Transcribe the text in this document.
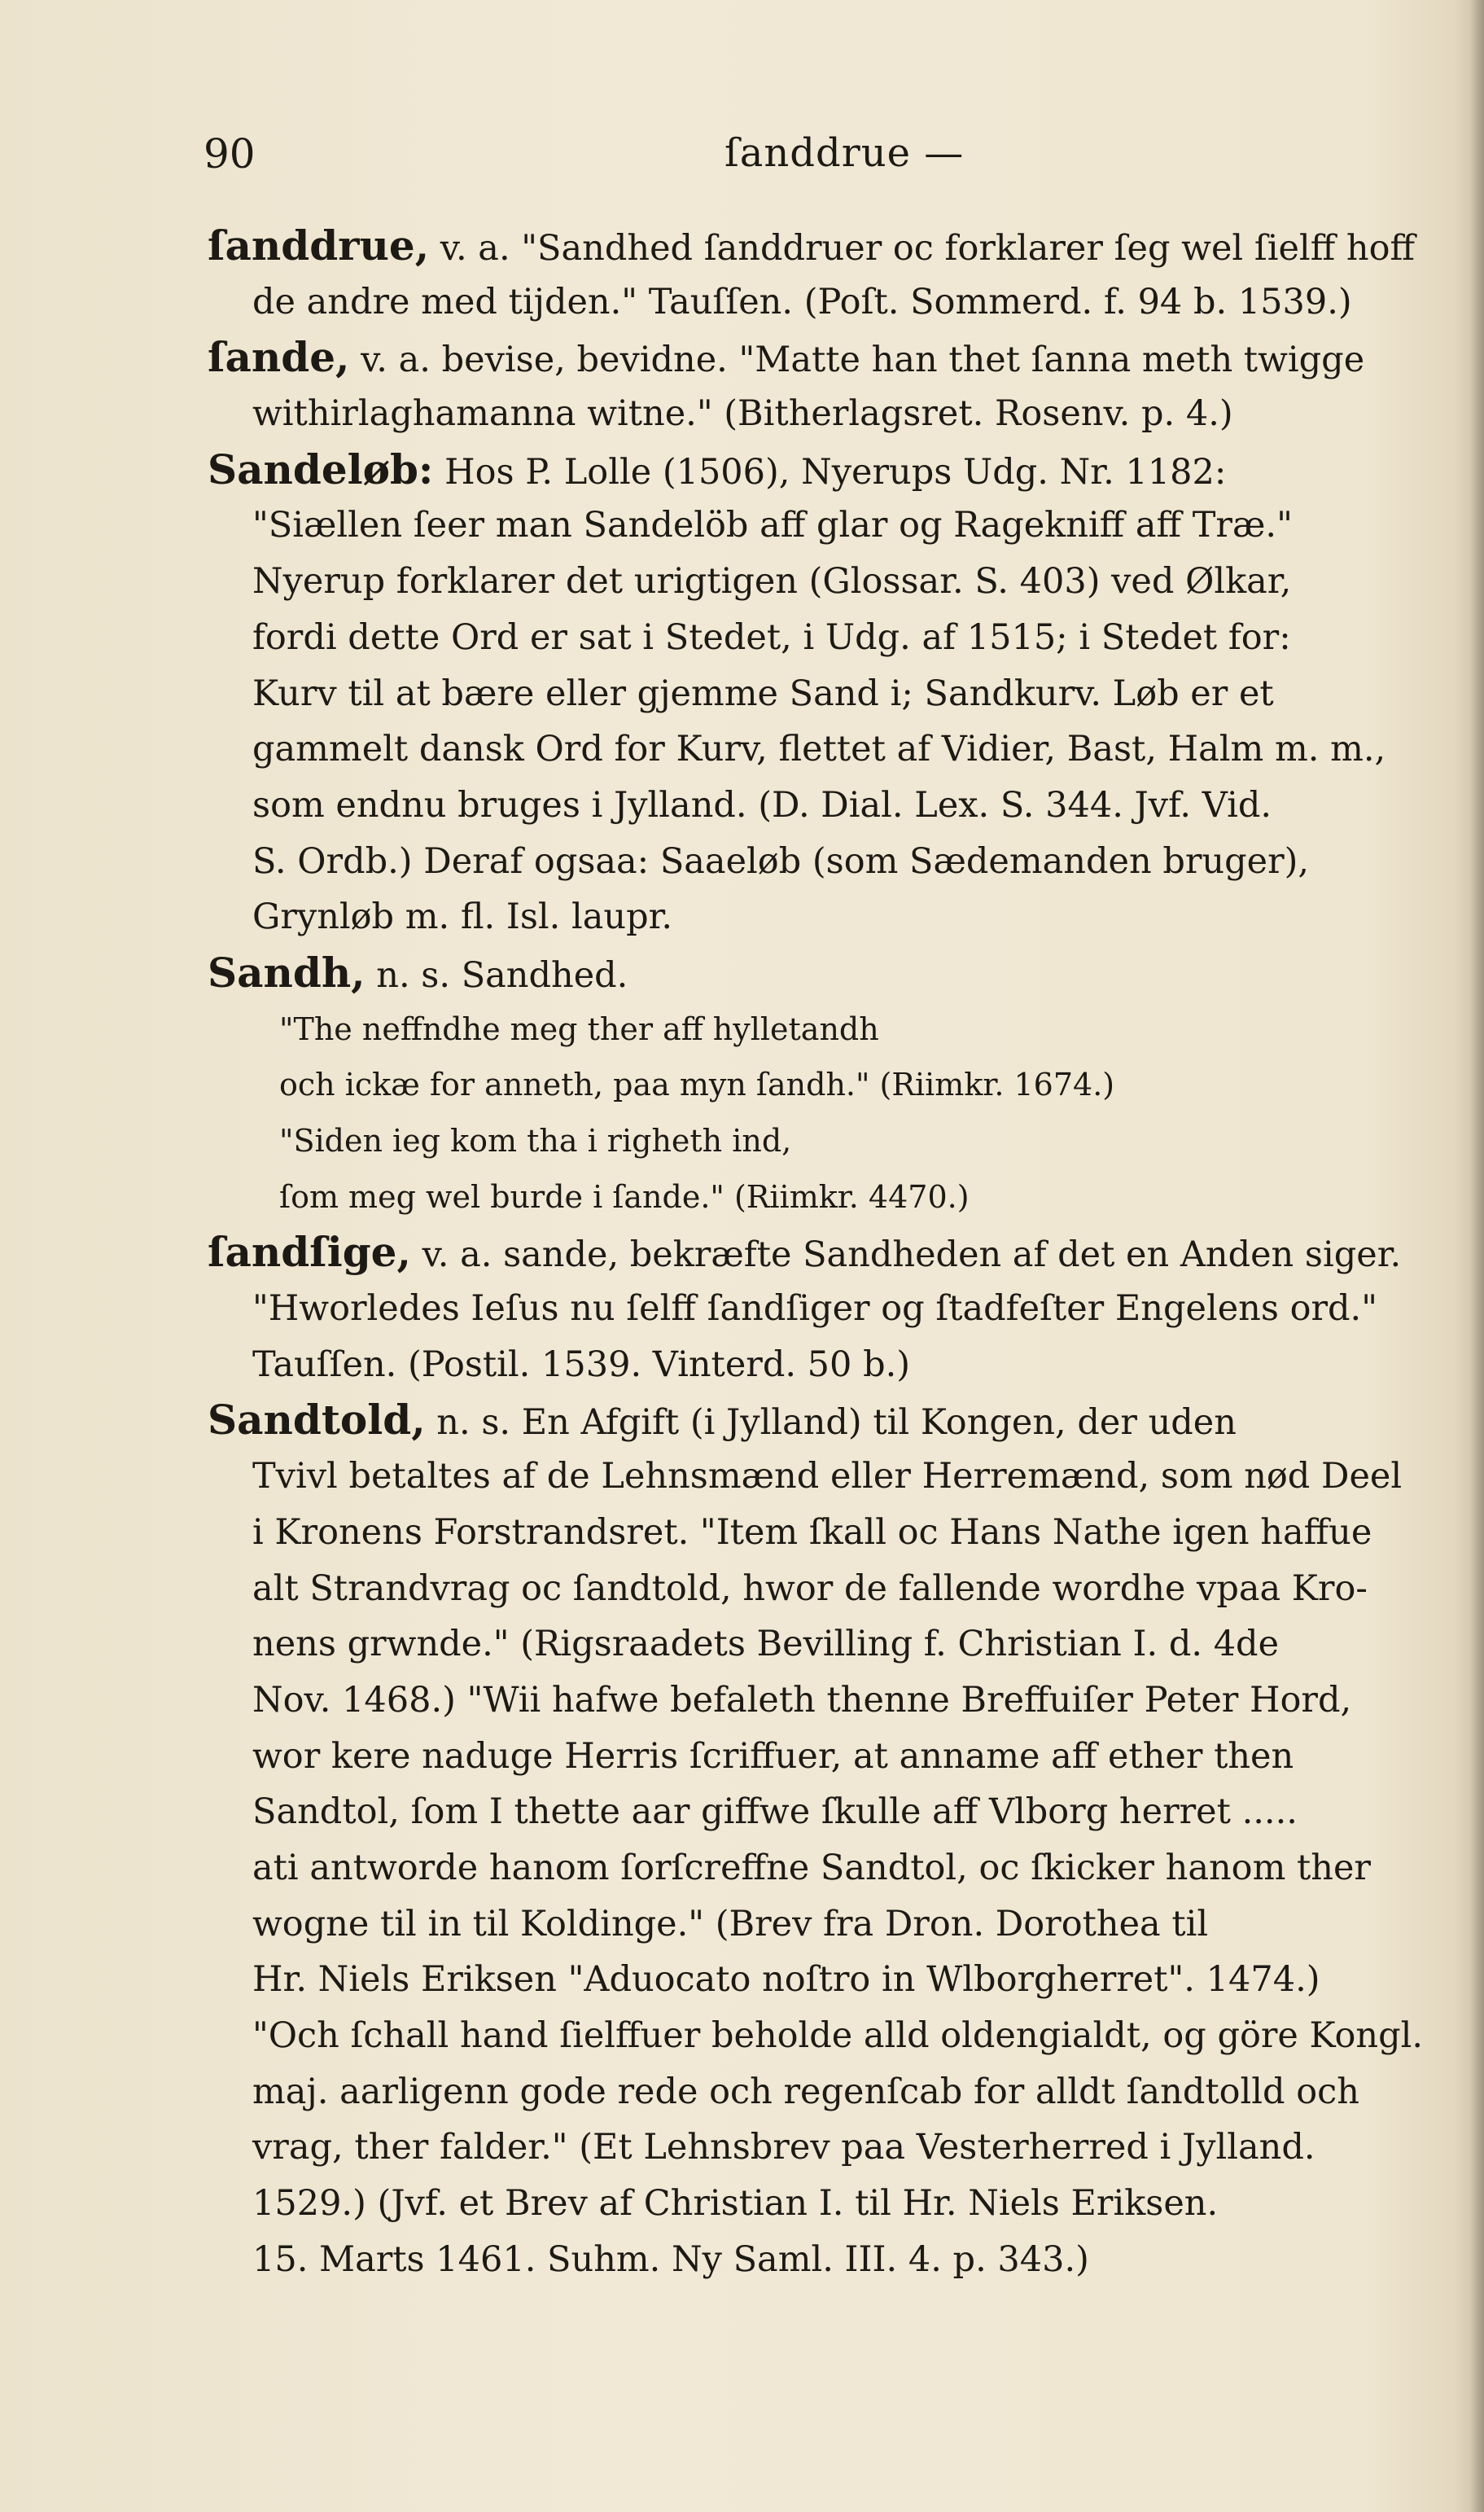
90	ſanddrue —
ſanddrue, v. a. "Sandhed ſanddruer oc forklarer ſeg wel ſielff hoff
de andre med tijden." Tauſſen. (Poſt. Sommerd. f. 94 b. 1539.)
ſande, v. a. bevise, bevidne. "Matte han thet ſanna meth twigge
withirlaghamanna witne." (Bitherlagsret. Rosenv. p. 4.)
Sandeløb: Hos P. Lolle (1506), Nyerups Udg. Nr. 1182:
"Siællen ſeer man Sandelöb aff glar og Ragekniff aff Træ."
Nyerup forklarer det urigtigen (Glossar. S. 403) ved Ølkar,
fordi dette Ord er sat i Stedet, i Udg. af 1515; i Stedet for:
Kurv til at bære eller gjemme Sand i; Sandkurv. Løb er et
gammelt dansk Ord for Kurv, flettet af Vidier, Bast, Halm m. m.,
som endnu bruges i Jylland. (D. Dial. Lex. S. 344. Jvf. Vid.
S. Ordb.) Deraf ogsaa: Saaeløb (som Sædemanden bruger),
Grynløb m. fl. Isl. laupr.
Sandh, n. s. Sandhed.
"The neffndhe meg ther aff hylletandh
och ickæ for anneth, paa myn ſandh." (Riimkr. 1674.)
"Siden ieg kom tha i righeth ind,
ſom meg wel burde i ſande." (Riimkr. 4470.)
ſandſige, v. a. sande, bekræfte Sandheden af det en Anden siger.
"Hworledes Ieſus nu ſelff ſandſiger og ſtadfeſter Engelens ord."
Tauſſen. (Postil. 1539. Vinterd. 50 b.)
Sandtold, n. s. En Afgift (i Jylland) til Kongen, der uden
Tvivl betaltes af de Lehnsmænd eller Herremænd, som nød Deel
i Kronens Forstrandsret. "Item ſkall oc Hans Nathe igen haffue
alt Strandvrag oc ſandtold, hwor de fallende wordhe vpaa Kro-
nens grwnde." (Rigsraadets Bevilling f. Christian I. d. 4de
Nov. 1468.) "Wii hafwe befaleth thenne Breffuiſer Peter Hord,
wor kere naduge Herris ſcriffuer, at anname aff ether then
Sandtol, ſom I thette aar giffwe ſkulle aff Vlborg herret .....
ati antworde hanom ſorſcreffne Sandtol, oc ſkicker hanom ther
wogne til in til Koldinge." (Brev fra Dron. Dorothea til
Hr. Niels Eriksen "Aduocato noſtro in Wlborgherret". 1474.)
"Och ſchall hand ſielffuer beholde alld oldengialdt, og göre Kongl.
maj. aarligenn gode rede och regenſcab for alldt ſandtolld och
vrag, ther falder." (Et Lehnsbrev paa Vesterherred i Jylland.
1529.) (Jvf. et Brev af Christian I. til Hr. Niels Eriksen.
15. Marts 1461. Suhm. Ny Saml. III. 4. p. 343.)
